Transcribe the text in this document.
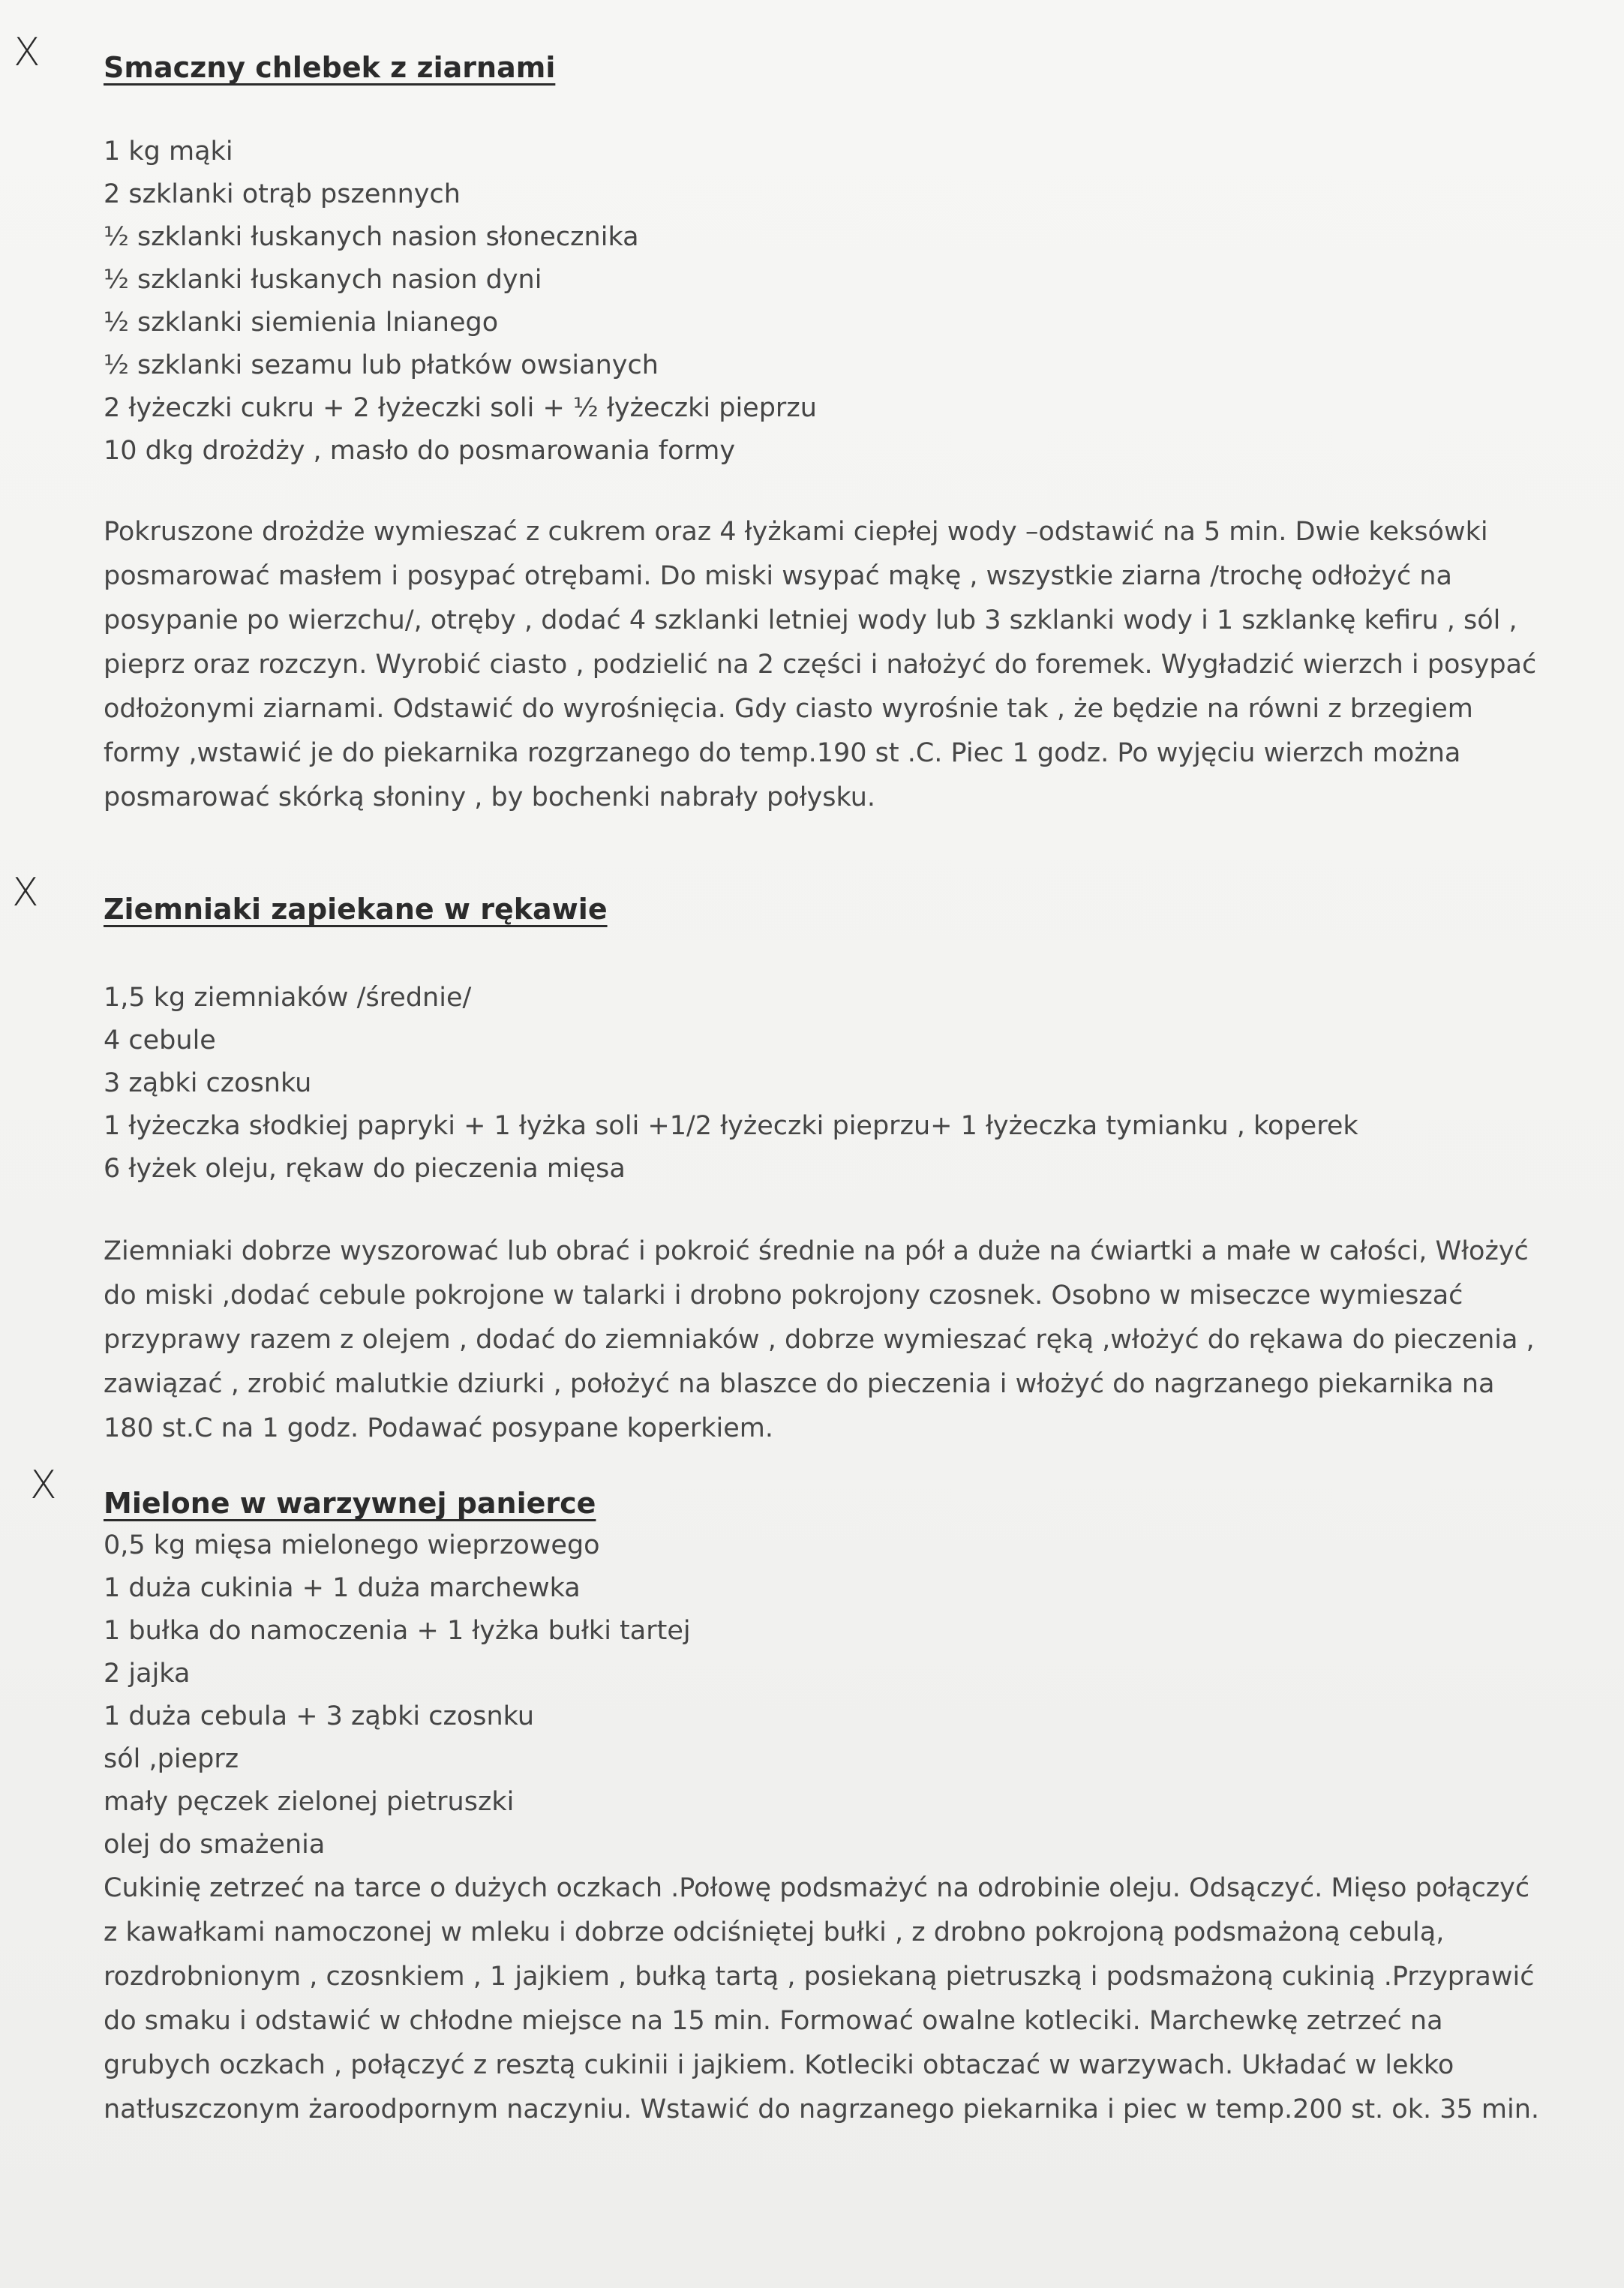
X Smaczny chlebek z ziarnami
1 kg mąki
2 szklanki otrąb pszennych
½ szklanki łuskanych nasion słonecznika
½ szklanki łuskanych nasion dyni
½ szklanki siemienia lnianego
½ szklanki sezamu lub płatków owsianych
2 łyżeczki cukru + 2 łyżeczki soli + ½ łyżeczki pieprzu
10 dkg drożdży , masło do posmarowania formy

Pokruszone drożdże wymieszać z cukrem oraz 4 łyżkami ciepłej wody –odstawić na 5 min. Dwie keksówki posmarować masłem i posypać otrębami. Do miski wsypać mąkę , wszystkie ziarna /trochę odłożyć na posypanie po wierzchu/, otręby , dodać 4 szklanki letniej wody lub 3 szklanki wody i 1 szklankę kefiru , sól , pieprz oraz rozczyn. Wyrobić ciasto , podzielić na 2 części i nałożyć do foremek. Wygładzić wierzch i posypać odłożonymi ziarnami. Odstawić do wyrośnięcia. Gdy ciasto wyrośnie tak , że będzie na równi z brzegiem formy ,wstawić je do piekarnika rozgrzanego do temp.190 st .C. Piec 1 godz. Po wyjęciu wierzch można posmarować skórką słoniny , by bochenki nabrały połysku.

X Ziemniaki zapiekane w rękawie
1,5 kg ziemniaków /średnie/
4 cebule
3 ząbki czosnku
1 łyżeczka słodkiej papryki + 1 łyżka soli +1/2 łyżeczki pieprzu+ 1 łyżeczka tymianku , koperek
6 łyżek oleju, rękaw do pieczenia mięsa

Ziemniaki dobrze wyszorować lub obrać i pokroić średnie na pół a duże na ćwiartki a małe w całości, Włożyć do miski ,dodać cebule pokrojone w talarki i drobno pokrojony czosnek. Osobno w miseczce wymieszać przyprawy razem z olejem , dodać do ziemniaków , dobrze wymieszać ręką ,włożyć do rękawa do pieczenia , zawiązać , zrobić malutkie dziurki , położyć na blaszce do pieczenia i włożyć do nagrzanego piekarnika na 180 st.C na 1 godz. Podawać posypane koperkiem.

X Mielone w warzywnej panierce
0,5 kg mięsa mielonego wieprzowego
1 duża cukinia + 1 duża marchewka
1 bułka do namoczenia + 1 łyżka bułki tartej
2 jajka
1 duża cebula + 3 ząbki czosnku
sól ,pieprz
mały pęczek zielonej pietruszki
olej do smażenia

Cukinię zetrzeć na tarce o dużych oczkach .Połowę podsmażyć na odrobinie oleju. Odsączyć. Mięso połączyć z kawałkami namoczonej w mleku i dobrze odciśniętej bułki , z drobno pokrojoną podsmażoną cebulą, rozdrobnionym , czosnkiem , 1 jajkiem , bułką tartą , posiekaną pietruszką i podsmażoną cukinią .Przyprawić do smaku i odstawić w chłodne miejsce na 15 min. Formować owalne kotleciki. Marchewkę zetrzeć na grubych oczkach , połączyć z resztą cukinii i jajkiem. Kotleciki obtaczać w warzywach. Układać w lekko natłuszczonym żaroodpornym naczyniu. Wstawić do nagrzanego piekarnika i piec w temp.200 st. ok. 35 min.
